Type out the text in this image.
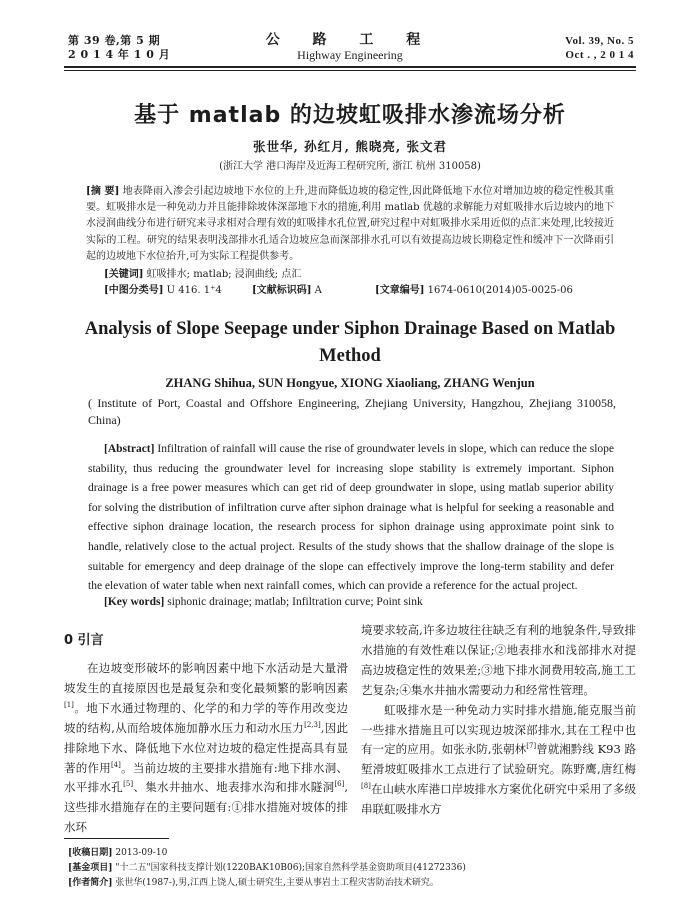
第 39 卷,第 5 期
2 0 1 4 年 1 0 月
公 路 工 程
Highway Engineering
Vol. 39, No. 5
Oct . , 2 0 1 4
基于 matlab 的边坡虹吸排水渗流场分析
张世华, 孙红月, 熊晓亮, 张文君
(浙江大学 港口海岸及近海工程研究所, 浙江 杭州 310058)
[摘 要] 地表降雨入渗会引起边坡地下水位的上升,进而降低边坡的稳定性,因此降低地下水位对增加边坡的稳定性极其重要。虹吸排水是一种免动力并且能排除坡体深部地下水的措施,利用 matlab 优越的求解能力对虹吸排水后边坡内的地下水浸润曲线分布进行研究来寻求相对合理有效的虹吸排水孔位置,研究过程中对虹吸排水采用近似的点汇来处理,比较接近实际的工程。研究的结果表明浅部排水孔适合边坡应急而深部排水孔可以有效提高边坡长期稳定性和缓冲下一次降雨引起的边坡地下水位抬升,可为实际工程提供参考。
[关键词] 虹吸排水; matlab; 浸润曲线; 点汇
[中图分类号] U 416. 1⁺4	[文献标识码] A	[文章编号] 1674-0610(2014)05-0025-06
Analysis of Slope Seepage under Siphon Drainage Based on Matlab Method
ZHANG Shihua, SUN Hongyue, XIONG Xiaoliang, ZHANG Wenjun
( Institute of Port, Coastal and Offshore Engineering, Zhejiang University, Hangzhou, Zhejiang 310058, China)
[Abstract] Infiltration of rainfall will cause the rise of groundwater levels in slope, which can reduce the slope stability, thus reducing the groundwater level for increasing slope stability is extremely important. Siphon drainage is a free power measures which can get rid of deep groundwater in slope, using matlab superior ability for solving the distribution of infiltration curve after siphon drainage what is helpful for seeking a reasonable and effective siphon drainage location, the research process for siphon drainage using approximate point sink to handle, relatively close to the actual project. Results of the study shows that the shallow drainage of the slope is suitable for emergency and deep drainage of the slope can effectively improve the long-term stability and defer the elevation of water table when next rainfall comes, which can provide a reference for the actual project.
[Key words] siphonic drainage; matlab; Infiltration curve; Point sink
0 引言
在边坡变形破坏的影响因素中地下水活动是大量滑坡发生的直接原因也是最复杂和变化最频繁的影响因素[1]。地下水通过物理的、化学的和力学的等作用改变边坡的结构,从而给坡体施加静水压力和动水压力[2,3],因此排除地下水、降低地下水位对边坡的稳定性提高具有显著的作用[4]。当前边坡的主要排水措施有:地下排水洞、水平排水孔[5]、集水井抽水、地表排水沟和排水隧洞[6],这些排水措施存在的主要问题有:①排水措施对坡体的排水环

境要求较高,许多边坡往往缺乏有利的地貌条件,导致排水措施的有效性难以保证;②地表排水和浅部排水对提高边坡稳定性的效果差;③地下排水洞费用较高,施工工艺复杂;④集水井抽水需要动力和经常性管理。

虹吸排水是一种免动力实时排水措施,能克服当前一些排水措施且可以实现边坡深部排水,其在工程中也有一定的应用。如张永防,张朝林[7]曾就湘黔线 K93 路堑滑坡虹吸排水工点进行了试验研究。陈野鹰,唐红梅[8]在山峡水库港口岸坡排水方案优化研究中采用了多级串联虹吸排水方

[收稿日期] 2013-09-10
[基金项目] "十二五"国家科技支撑计划(1220BAK10B06);国家自然科学基金资助项目(41272336)
[作者简介] 张世华(1987-),男,江西上饶人,硕士研究生,主要从事岩土工程灾害防治技术研究。
